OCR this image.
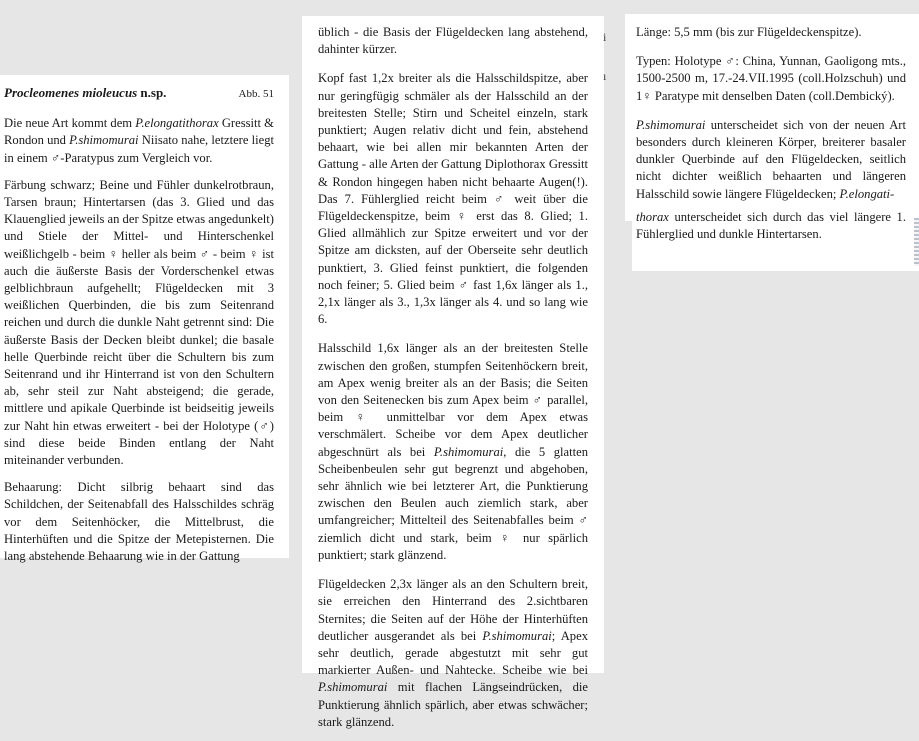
Procleomenes mioleucus n.sp.	Abb. 51

Die neue Art kommt dem P.elongatithorax Gressitt & Rondon und P.shimomurai Niisato nahe, letztere liegt in einem ♂-Paratypus zum Vergleich vor.

Färbung schwarz; Beine und Fühler dunkelrotbraun, Tarsen braun; Hintertarsen (das 3. Glied und das Klauenglied jeweils an der Spitze etwas angedunkelt) und Stiele der Mittel- und Hinterschenkel weißlichgelb - beim ♀ heller als beim ♂ - beim ♀ ist auch die äußerste Basis der Vorderschenkel etwas gelblichbraun aufgehellt; Flügeldecken mit 3 weißlichen Querbinden, die bis zum Seitenrand reichen und durch die dunkle Naht getrennt sind: Die äußerste Basis der Decken bleibt dunkel; die basale helle Querbinde reicht über die Schultern bis zum Seitenrand und ihr Hinterrand ist von den Schultern ab, sehr steil zur Naht absteigend; die gerade, mittlere und apikale Querbinde ist beidseitig jeweils zur Naht hin etwas erweitert - bei der Holotype (♂) sind diese beide Binden entlang der Naht miteinander verbunden.

Behaarung: Dicht silbrig behaart sind das Schildchen, der Seitenabfall des Halsschildes schräg vor dem Seitenhöcker, die Mittelbrust, die Hinterhüften und die Spitze der Metepisternen. Die lang abstehende Behaarung wie in der Gattung

üblich - die Basis der Flügeldecken lang abstehend, dahinter kürzer.

Kopf fast 1,2x breiter als die Halsschildspitze, aber nur geringfügig schmäler als der Halsschild an der breitesten Stelle; Stirn und Scheitel einzeln, stark punktiert; Augen relativ dicht und fein, abstehend behaart, wie bei allen mir bekannten Arten der Gattung - alle Arten der Gattung Diplothorax Gressitt & Rondon hingegen haben nicht behaarte Augen(!). Das 7. Fühlerglied reicht beim ♂ weit über die Flügeldeckenspitze, beim ♀ erst das 8. Glied; 1. Glied allmählich zur Spitze erweitert und vor der Spitze am dicksten, auf der Oberseite sehr deutlich punktiert, 3. Glied feinst punktiert, die folgenden noch feiner; 5. Glied beim ♂ fast 1,6x länger als 1., 2,1x länger als 3., 1,3x länger als 4. und so lang wie 6.

Halsschild 1,6x länger als an der breitesten Stelle zwischen den großen, stumpfen Seitenhöckern breit, am Apex wenig breiter als an der Basis; die Seiten von den Seitenecken bis zum Apex beim ♂ parallel, beim ♀ unmittelbar vor dem Apex etwas verschmälert. Scheibe vor dem Apex deutlicher abgeschnürt als bei P.shimomurai, die 5 glatten Scheibenbeulen sehr gut begrenzt und abgehoben, sehr ähnlich wie bei letzterer Art, die Punktierung zwischen den Beulen auch ziemlich stark, aber umfangreicher; Mittelteil des Seitenabfalles beim ♂ ziemlich dicht und stark, beim ♀ nur spärlich punktiert; stark glänzend.

Flügeldecken 2,3x länger als an den Schultern breit, sie erreichen den Hinterrand des 2.sichtbaren Sternites; die Seiten auf der Höhe der Hinterhüften deutlicher ausgerandet als bei P.shimomurai; Apex sehr deutlich, gerade abgestutzt mit sehr gut markierter Außen- und Nahtecke. Scheibe wie bei P.shimomurai mit flachen Längseindrücken, die Punktierung ähnlich spärlich, aber etwas schwächer; stark glänzend.

Länge: 5,5 mm (bis zur Flügeldeckenspitze).

Typen: Holotype ♂: China, Yunnan, Gaoligong mts., 1500-2500 m, 17.-24.VII.1995 (coll.Holzschuh) und 1♀ Paratype mit denselben Daten (coll.Dembický).

P.shimomurai unterscheidet sich von der neuen Art besonders durch kleineren Körper, breiterer basaler dunkler Querbinde auf den Flügeldecken, seitlich nicht dichter weißlich behaarten und längeren Halsschild sowie längere Flügeldecken; P.elongati-

thorax unterscheidet sich durch das viel längere 1. Fühlerglied und dunkle Hintertarsen.

i
ı
